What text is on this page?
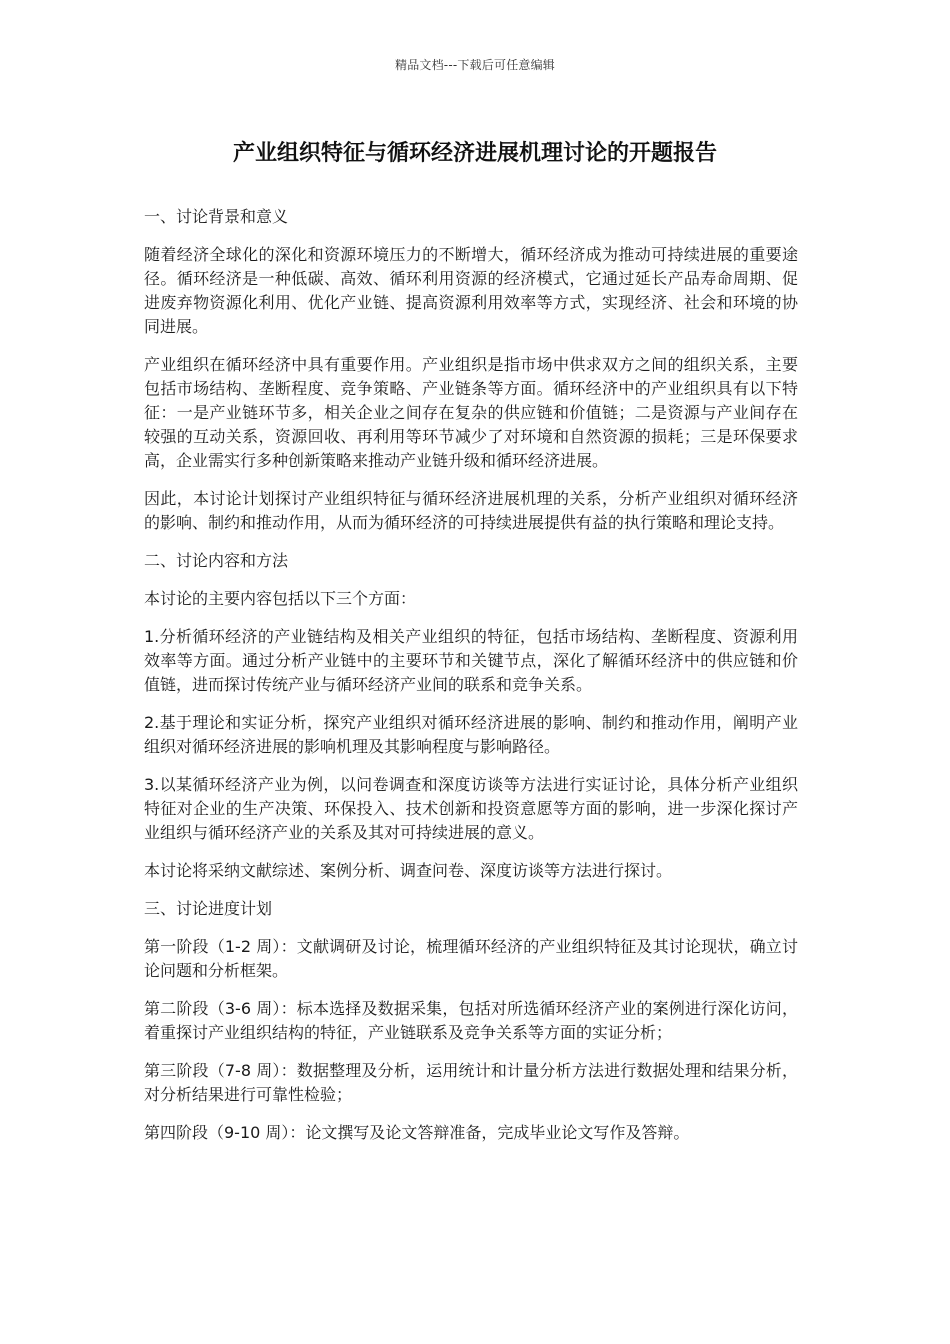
精品文档---下载后可任意编辑
产业组织特征与循环经济进展机理讨论的开题报告

一、讨论背景和意义

随着经济全球化的深化和资源环境压力的不断增大，循环经济成为推动可持续进展的重要途径。循环经济是一种低碳、高效、循环利用资源的经济模式，它通过延长产品寿命周期、促进废弃物资源化利用、优化产业链、提高资源利用效率等方式，实现经济、社会和环境的协同进展。

产业组织在循环经济中具有重要作用。产业组织是指市场中供求双方之间的组织关系，主要包括市场结构、垄断程度、竞争策略、产业链条等方面。循环经济中的产业组织具有以下特征：一是产业链环节多，相关企业之间存在复杂的供应链和价值链；二是资源与产业间存在较强的互动关系，资源回收、再利用等环节减少了对环境和自然资源的损耗；三是环保要求高，企业需实行多种创新策略来推动产业链升级和循环经济进展。

因此，本讨论计划探讨产业组织特征与循环经济进展机理的关系，分析产业组织对循环经济的影响、制约和推动作用，从而为循环经济的可持续进展提供有益的执行策略和理论支持。

二、讨论内容和方法

本讨论的主要内容包括以下三个方面：

1.分析循环经济的产业链结构及相关产业组织的特征，包括市场结构、垄断程度、资源利用效率等方面。通过分析产业链中的主要环节和关键节点，深化了解循环经济中的供应链和价值链，进而探讨传统产业与循环经济产业间的联系和竞争关系。

2.基于理论和实证分析，探究产业组织对循环经济进展的影响、制约和推动作用，阐明产业组织对循环经济进展的影响机理及其影响程度与影响路径。

3.以某循环经济产业为例，以问卷调查和深度访谈等方法进行实证讨论，具体分析产业组织特征对企业的生产决策、环保投入、技术创新和投资意愿等方面的影响，进一步深化探讨产业组织与循环经济产业的关系及其对可持续进展的意义。

本讨论将采纳文献综述、案例分析、调查问卷、深度访谈等方法进行探讨。

三、讨论进度计划

第一阶段（1-2 周）：文献调研及讨论，梳理循环经济的产业组织特征及其讨论现状，确立讨论问题和分析框架。

第二阶段（3-6 周）：标本选择及数据采集，包括对所选循环经济产业的案例进行深化访问，着重探讨产业组织结构的特征，产业链联系及竞争关系等方面的实证分析；

第三阶段（7-8 周）：数据整理及分析，运用统计和计量分析方法进行数据处理和结果分析，对分析结果进行可靠性检验；

第四阶段（9-10 周）：论文撰写及论文答辩准备，完成毕业论文写作及答辩。
